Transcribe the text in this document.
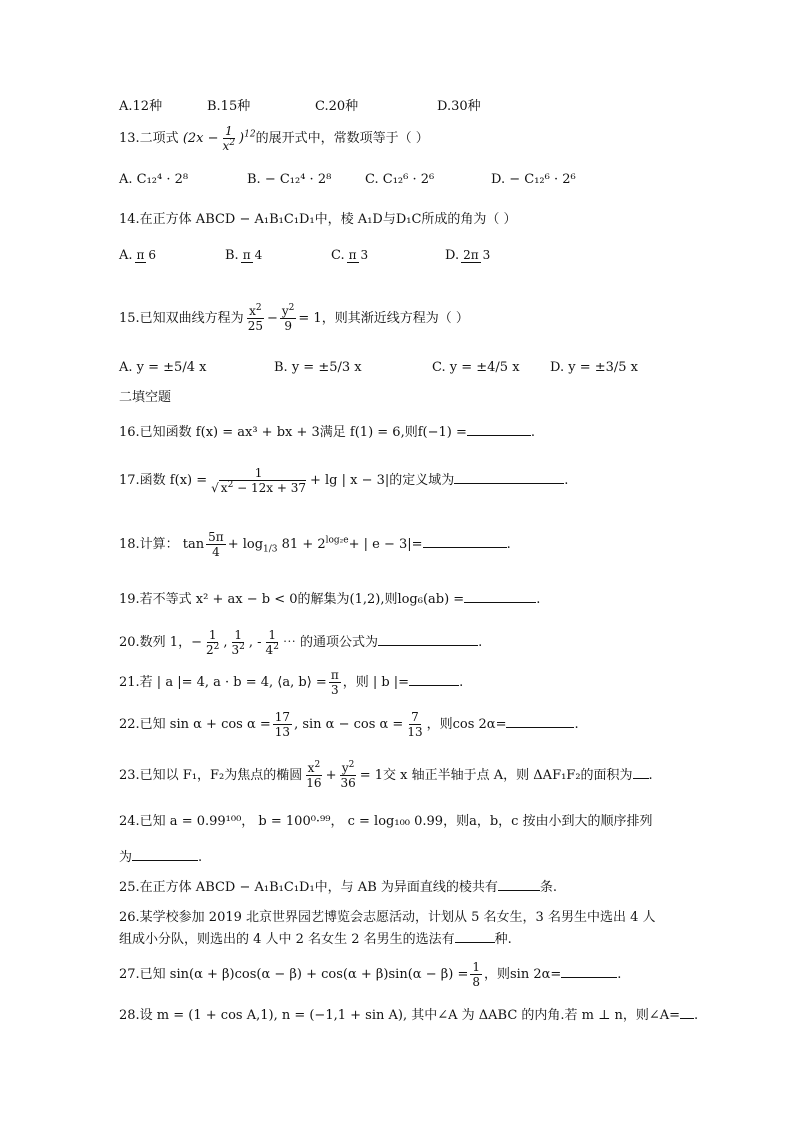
A.12种	B.15种	C.20种	D.30种
13.二项式 $(2x - \frac{1}{x^2} )^{12}$的展开式中，常数项等于（ ）
A. C₁₂⁴ · 2⁸	B. − C₁₂⁴ · 2⁸	C. C₁₂⁶ · 2⁶	D. − C₁₂⁶ · 2⁶
14.在正方体 ABCD − A₁B₁C₁D₁中，棱 A₁D与D₁C所成的角为（ ）
A. π 6	B. π 4	C. π 3	D. 2π 3
15.已知双曲线方程为 $\frac{x^2}{25} - \frac{y^2}{9} = 1$，则其渐近线方程为（ ）
A. y = ±5/4 x	B. y = ±5/3 x	C. y = ±4/5 x D. y = ±3/5 x
二填空题
16.已知函数 f(x) = ax³ + bx + 3满足 f(1) = 6,则f(−1) =	.
17.函数 $f(x) = \frac{1}{√ x^2 - 12x + 37} + \lg$ | x − 3|的定义域为	.
18.计算： $\tan \frac{5\pi}{4} + \log_{1/3} 81 + 2^{log_2e}+$ | e − 3|=	.
19.若不等式 x² + ax − b < 0的解集为(1,2),则log₆(ab) =	.
20.数列 1，− $\frac{1}{2^2}$ , $\frac{1}{3^2}$ , - $\frac{1}{4^2}$ ⋯ 的通项公式为	.
21.若 | a |= 4, a · b = 4, ⟨a, b⟩ = $\frac{\pi}{3}$ ，则 | b |=	.
22.已知 $\sin \alpha + \cos \alpha = \frac{17}{13}$ , $\sin \alpha - \cos \alpha = \frac{7}{13}$ ，则cos 2α=	.
23.已知以 F₁，F₂为焦点的椭圆 $\frac{x^2}{16} + \frac{y^2}{36} = 1$交 x 轴正半轴于点 A，则 ΔAF₁F₂的面积为 .
24.已知 a = 0.99¹⁰⁰， b = 100⁰·⁹⁹， c = log₁₀₀ 0.99，则a，b，c 按由小到大的顺序排列
为	.
25.在正方体 ABCD − A₁B₁C₁D₁中，与 AB 为异面直线的棱共有	条.
26.某学校参加 2019 北京世界园艺博览会志愿活动，计划从 5 名女生，3 名男生中选出 4 人
组成小分队，则选出的 4 人中 2 名女生 2 名男生的选法有	种.
27.已知 $\sin(\alpha + \beta)\cos(\alpha - \beta) + \cos(\alpha + \beta)\sin(\alpha - \beta) = \frac{1}{8}$ ，则sin 2α=	.
28.设 m = (1 + cos A,1), n = (−1,1 + sin A), 其中∠A 为 ΔABC 的内角.若 m ⊥ n，则∠A= .
